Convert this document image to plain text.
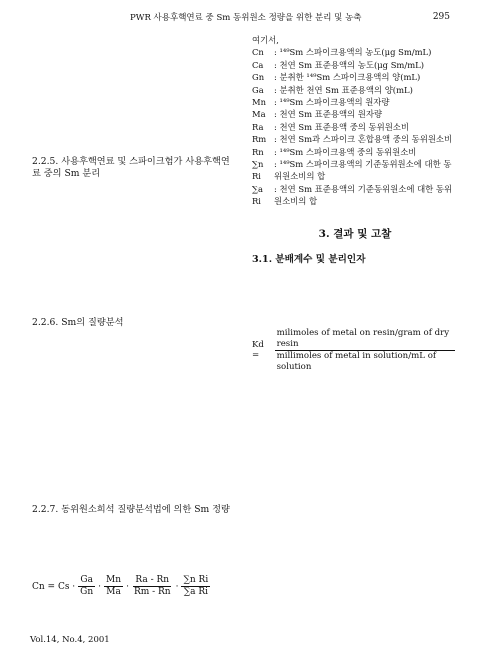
PWR 사용후핵연료 중 Sm 동위원소 정량을 위한 분리 및 농축	295
2.2.5. 사용후핵연료 및 스파이크험가 사용후핵연료 중의 Sm 분리
2.2.6. Sm의 질량분석
2.2.7. 동위원소희석 질량분석법에 의한 Sm 정량
$Cn = Cs \cdot \frac{Ga}{Gn} \cdot \frac{Mn}{Ma} \cdot \frac{Ra - Rn}{Rm - Rn} \cdot \frac{\text{∑n Ri}}{\text{∑a Ri}}$
여기서,
Cn	: ¹⁴⁹Sm 스파이크용액의 농도(μg Sm/mL)
Ca	: 천연 Sm 표준용액의 농도(μg Sm/mL)
Gn	: 분취한 ¹⁴⁹Sm 스파이크용액의 양(mL)
Ga	: 분취한 천연 Sm 표준용액의 양(mL)
Mn : ¹⁴⁹Sm 스파이크용액의 원자량
Ma	: 천연 Sm 표준용액의 원자량
Ra	: 천연 Sm 표준용액 중의 동위원소비
Rm : 천연 Sm과 스파이크 혼합용액 중의 동위원소비
Rn	: ¹⁴⁹Sm 스파이크용액 중의 동위원소비
∑n Ri
: ¹⁴⁹Sm 스파이크용액의 기준동위원소에 대한 동위원소비의 합
∑a Ri
: 천연 Sm 표준용액의 기준동위원소에 대한 동위원소비의 합
3. 결과 및 고찰
3.1. 분배계수 및 분리인자
Kd =	$\frac{\text{milimoles of metal on resin/gram of dry resin}}{\text{millimoles of metal in solution/mL of solution}}$
Vol.14, No.4, 2001
